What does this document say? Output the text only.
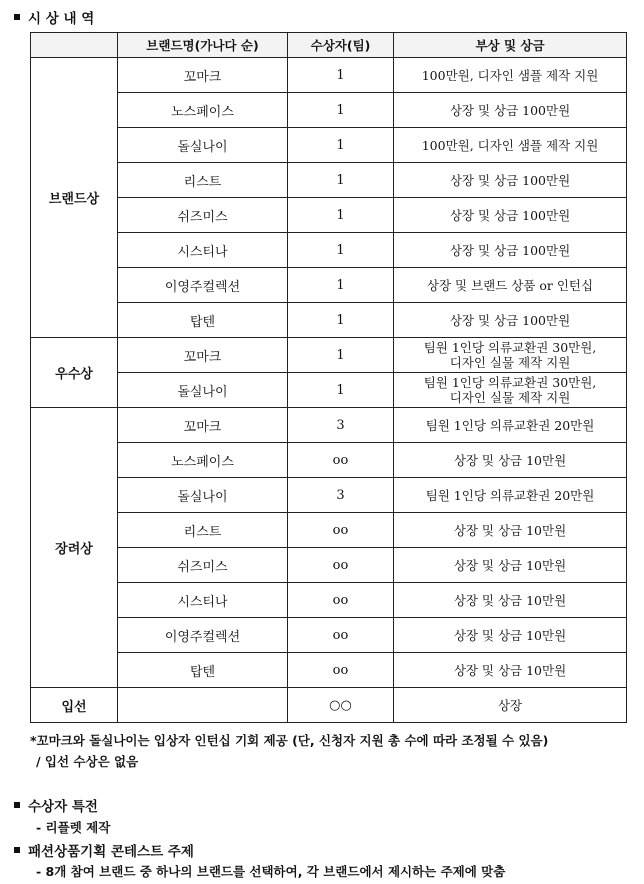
시 상 내 역
	브랜드명(가나다 순)	수상자(팀)	부상 및 상금
브랜드상	꼬마크	1	100만원, 디자인 샘플 제작 지원
	노스페이스	1	상장 및 상금 100만원
	돌실나이	1	100만원, 디자인 샘플 제작 지원
	리스트	1	상장 및 상금 100만원
	쉬즈미스	1	상장 및 상금 100만원
	시스티나	1	상장 및 상금 100만원
	이영주컬렉션	1	상장 및 브랜드 상품 or 인턴십
	탑텐	1	상장 및 상금 100만원
우수상	꼬마크	1	팀원 1인당 의류교환권 30만원,
디자인 실물 제작 지원

	돌실나이	1	팀원 1인당 의류교환권 30만원,
디자인 실물 제작 지원

장려상	꼬마크	3	팀원 1인당 의류교환권 20만원
	노스페이스	oo	상장 및 상금 10만원
	돌실나이	3	팀원 1인당 의류교환권 20만원
	리스트	oo	상장 및 상금 10만원
	쉬즈미스	oo	상장 및 상금 10만원
	시스티나	oo	상장 및 상금 10만원
	이영주컬렉션	oo	상장 및 상금 10만원
	탑텐	oo	상장 및 상금 10만원
입선		○○	상장
*꼬마크와 돌실나이는 입상자 인턴십 기회 제공 (단, 신청자 지원 총 수에 따라 조정될 수 있음)
/ 입선 수상은 없음
수상자 특전
- 리플렛 제작
패션상품기획 콘테스트 주제
- 8개 참여 브랜드 중 하나의 브랜드를 선택하여, 각 브랜드에서 제시하는 주제에 맞춤
